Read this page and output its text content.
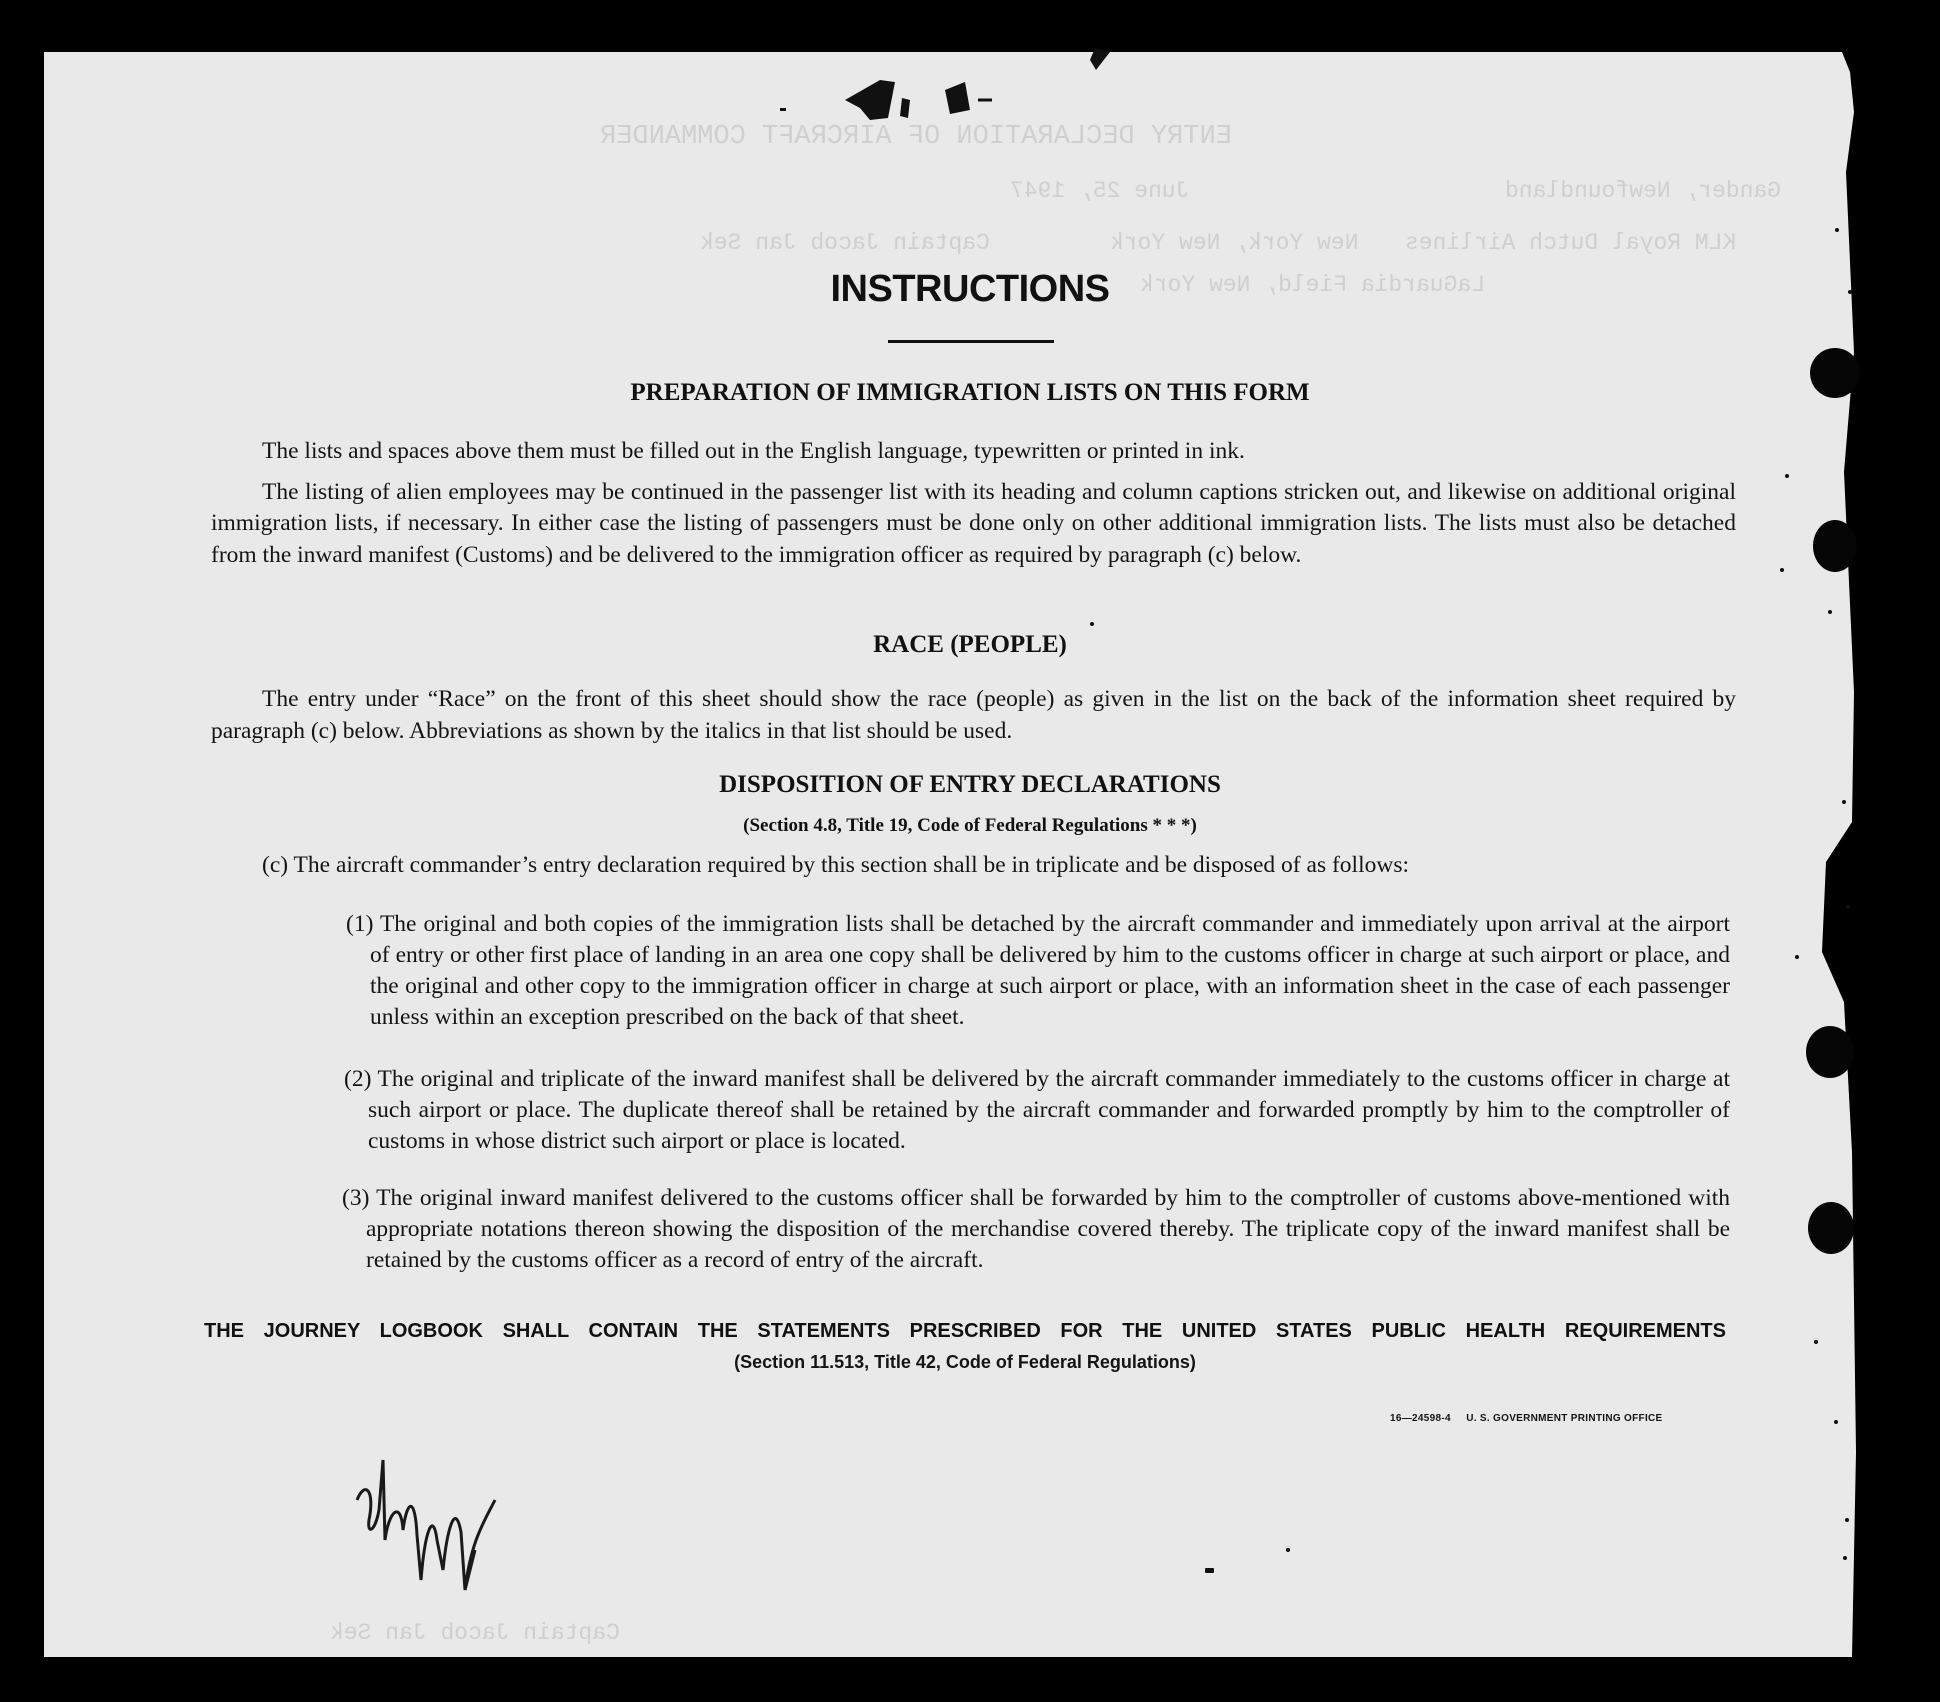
ENTRY DECLARATION OF AIRCRAFT COMMANDER
Gander, Newfoundland
June 25, 1947
KLM Royal Dutch Airlines
New York, New York
Captain Jacob Jan Sek
LaGuardia Field, New York
Captain Jacob Jan Sek
INSTRUCTIONS
PREPARATION OF IMMIGRATION LISTS ON THIS FORM

The lists and spaces above them must be filled out in the English language, typewritten or printed in ink.

The listing of alien employees may be continued in the passenger list with its heading and column captions stricken out, and likewise on additional original immigration lists, if necessary. In either case the listing of passengers must be done only on other additional immigration lists. The lists must also be detached from the inward manifest (Customs) and be delivered to the immigration officer as required by paragraph (c) below.

RACE (PEOPLE)

The entry under “Race” on the front of this sheet should show the race (people) as given in the list on the back of the information sheet required by paragraph (c) below. Abbreviations as shown by the italics in that list should be used.

DISPOSITION OF ENTRY DECLARATIONS
(Section 4.8, Title 19, Code of Federal Regulations * * *)

(c) The aircraft commander’s entry declaration required by this section shall be in triplicate and be disposed of as follows:

(1) The original and both copies of the immigration lists shall be detached by the aircraft commander and immediately upon arrival at the airport of entry or other first place of landing in an area one copy shall be delivered by him to the customs officer in charge at such airport or place, and the original and other copy to the immigration officer in charge at such airport or place, with an information sheet in the case of each passenger unless within an exception prescribed on the back of that sheet.
(2) The original and triplicate of the inward manifest shall be delivered by the aircraft commander immediately to the customs officer in charge at such airport or place. The duplicate thereof shall be retained by the aircraft commander and forwarded promptly by him to the comptroller of customs in whose district such airport or place is located.
(3) The original inward manifest delivered to the customs officer shall be forwarded by him to the comptroller of customs above-mentioned with appropriate notations thereon showing the disposition of the merchandise covered thereby. The triplicate copy of the inward manifest shall be retained by the customs officer as a record of entry of the aircraft.
THE JOURNEY LOGBOOK SHALL CONTAIN THE STATEMENTS PRESCRIBED FOR THE UNITED STATES PUBLIC HEALTH REQUIREMENTS
(Section 11.513, Title 42, Code of Federal Regulations)
16—24598-4 U. S. GOVERNMENT PRINTING OFFICE
